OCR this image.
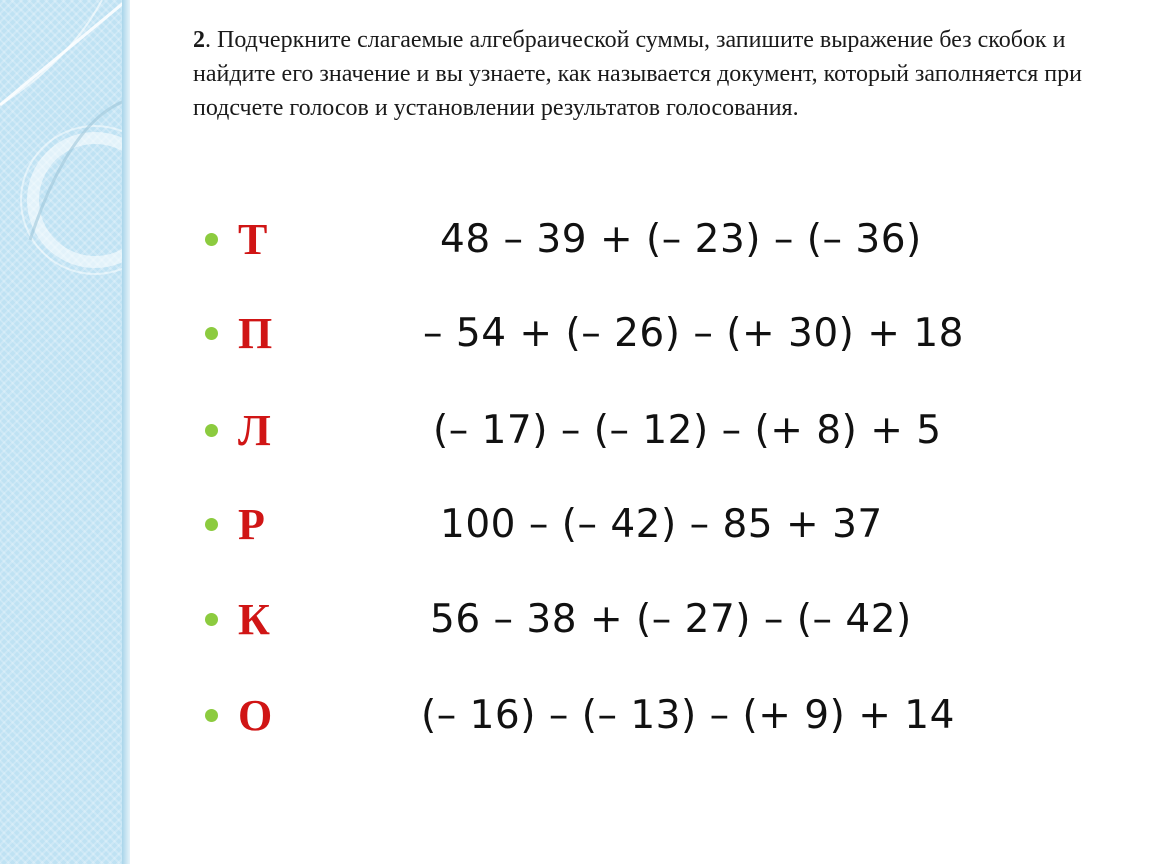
2. Подчеркните слагаемые алгебраической суммы, запишите выражение без скобок и найдите его значение и вы узнаете, как называется документ, который заполняется при подсчете голосов и установлении результатов голосования.
Т	48 – 39 + (– 23) – (– 36)
П	– 54 + (– 26) – (+ 30) + 18
Л	(– 17) – (– 12) – (+ 8) + 5
Р	100 – (– 42) – 85 + 37
К	56 – 38 + (– 27) – (– 42)
О	(– 16) – (– 13) – (+ 9) + 14
